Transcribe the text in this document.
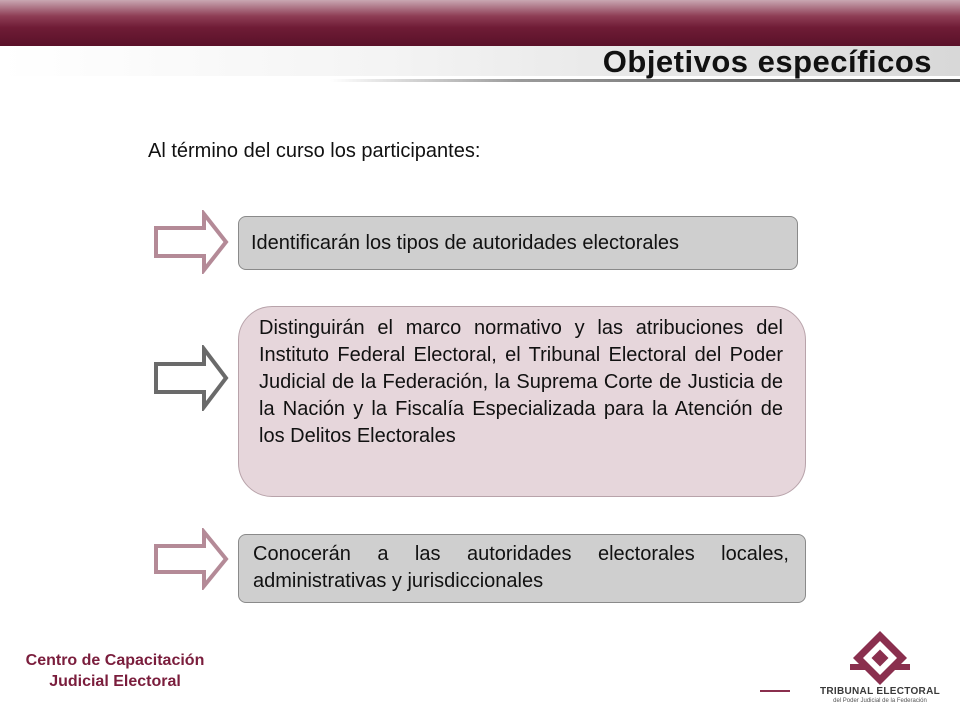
Objetivos específicos
Al término del curso los participantes:
Identificarán los tipos de autoridades electorales
Distinguirán el marco normativo y las atribuciones del Instituto Federal Electoral, el Tribunal Electoral del Poder Judicial de la Federación, la Suprema Corte de Justicia de la Nación y la Fiscalía Especializada para la Atención de los Delitos Electorales
Conocerán a las autoridades electorales locales, administrativas y jurisdiccionales
Centro de Capacitación
Judicial Electoral
TRIBUNAL ELECTORAL
del Poder Judicial de la Federación
